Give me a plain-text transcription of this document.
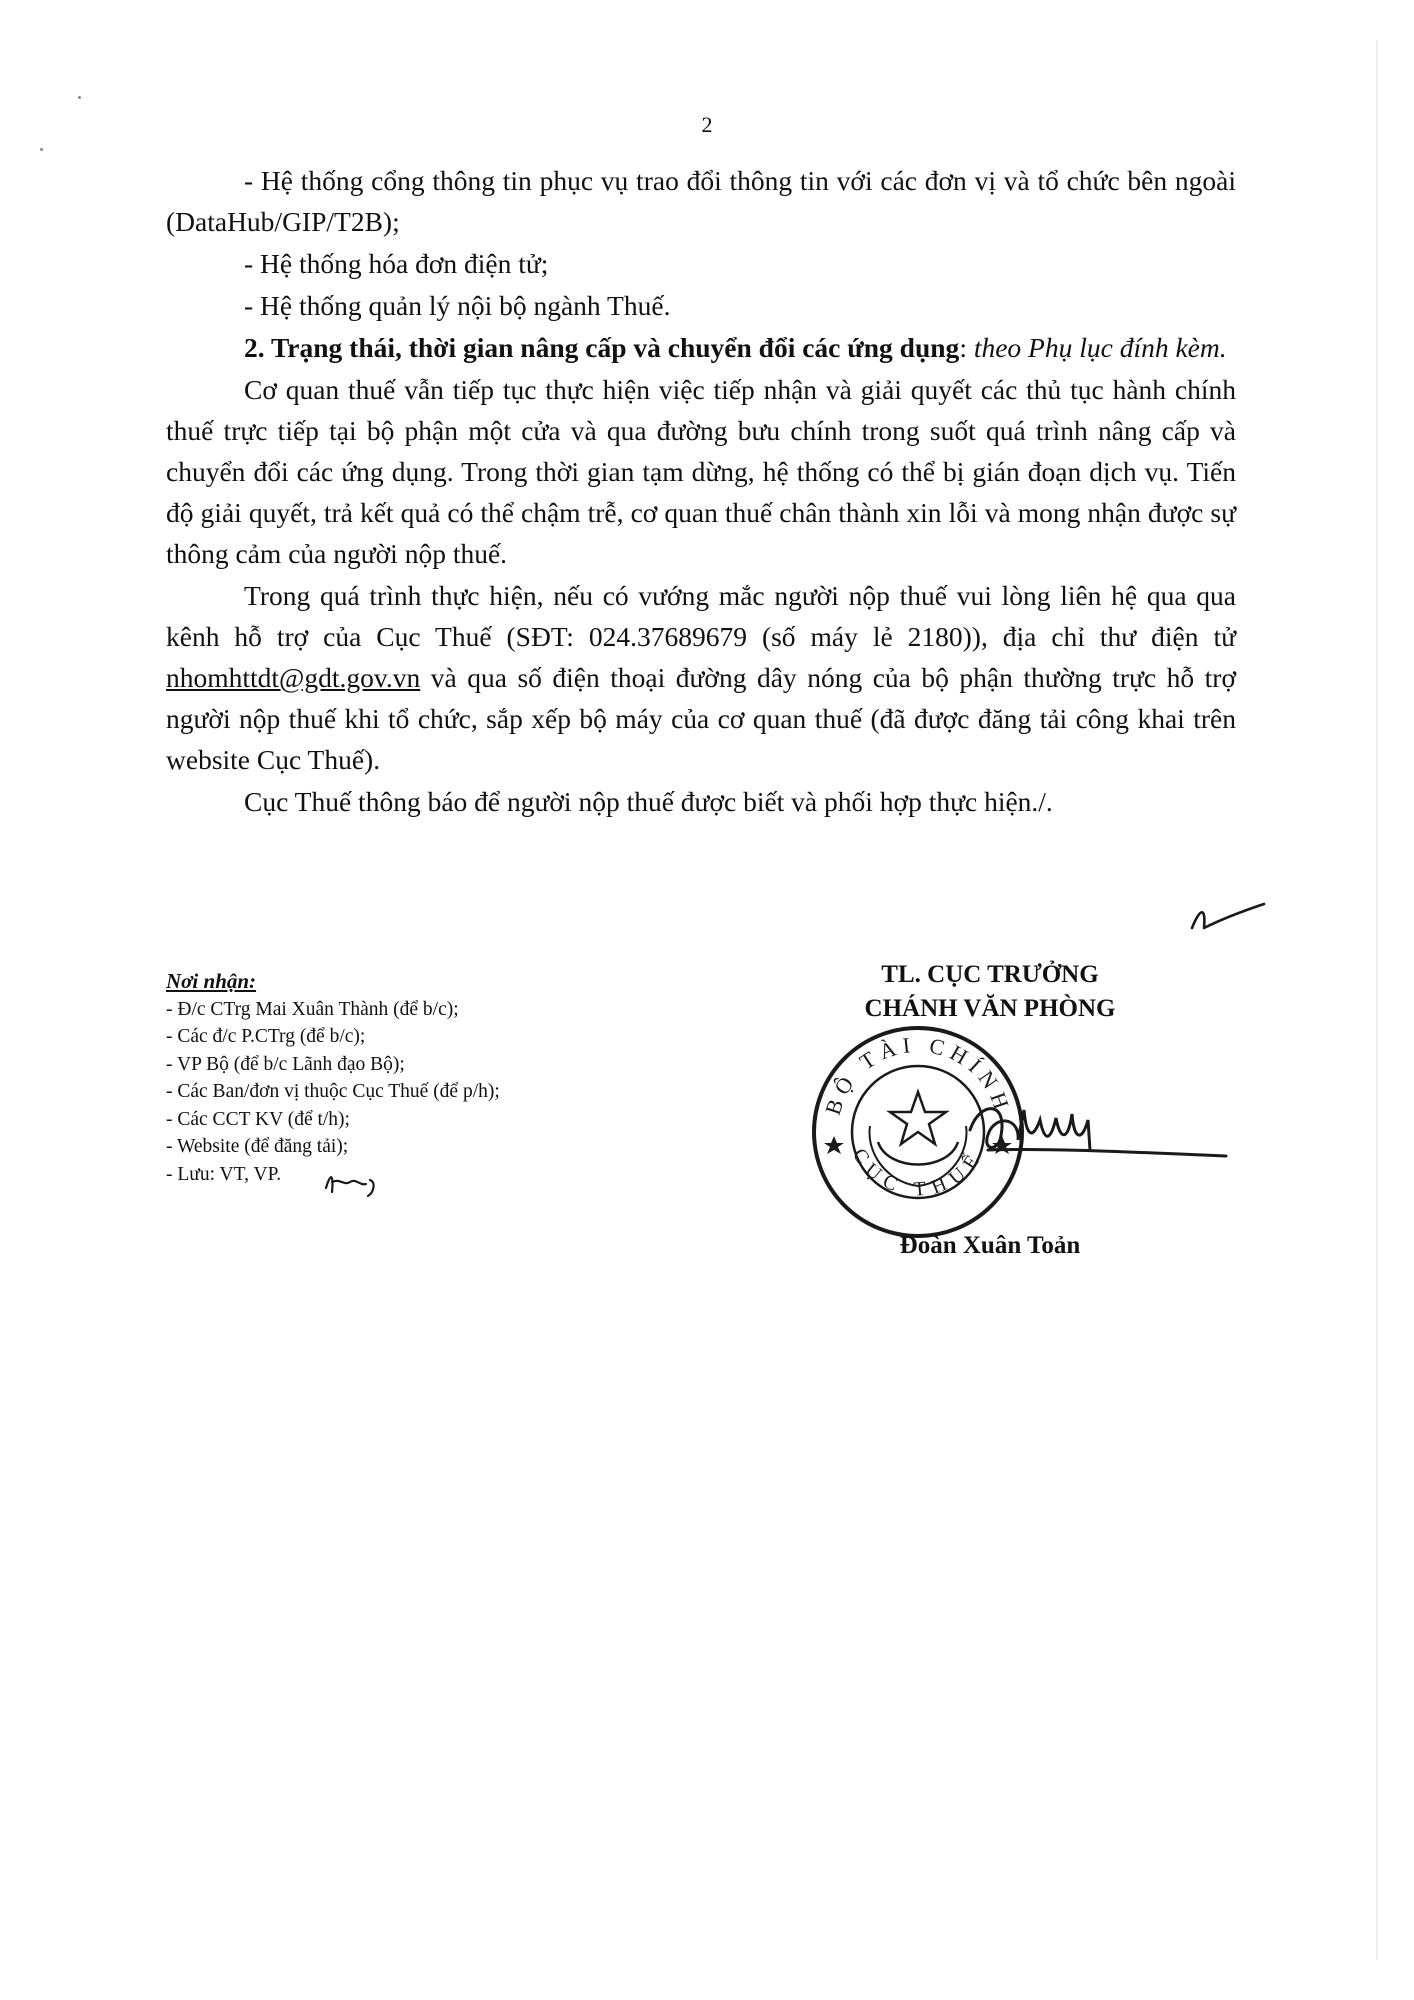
2

- Hệ thống cổng thông tin phục vụ trao đổi thông tin với các đơn vị và tổ chức bên ngoài (DataHub/GIP/T2B);

- Hệ thống hóa đơn điện tử;

- Hệ thống quản lý nội bộ ngành Thuế.

2. Trạng thái, thời gian nâng cấp và chuyển đổi các ứng dụng: theo Phụ lục đính kèm.

Cơ quan thuế vẫn tiếp tục thực hiện việc tiếp nhận và giải quyết các thủ tục hành chính thuế trực tiếp tại bộ phận một cửa và qua đường bưu chính trong suốt quá trình nâng cấp và chuyển đổi các ứng dụng. Trong thời gian tạm dừng, hệ thống có thể bị gián đoạn dịch vụ. Tiến độ giải quyết, trả kết quả có thể chậm trễ, cơ quan thuế chân thành xin lỗi và mong nhận được sự thông cảm của người nộp thuế.

Trong quá trình thực hiện, nếu có vướng mắc người nộp thuế vui lòng liên hệ qua qua kênh hỗ trợ của Cục Thuế (SĐT: 024.37689679 (số máy lẻ 2180)), địa chỉ thư điện tử nhomhttdt@gdt.gov.vn và qua số điện thoại đường dây nóng của bộ phận thường trực hỗ trợ người nộp thuế khi tổ chức, sắp xếp bộ máy của cơ quan thuế (đã được đăng tải công khai trên website Cục Thuế).

Cục Thuế thông báo để người nộp thuế được biết và phối hợp thực hiện./.

Nơi nhận:
- Đ/c CTrg Mai Xuân Thành (để b/c);
- Các đ/c P.CTrg (để b/c);
- VP Bộ (để b/c Lãnh đạo Bộ);
- Các Ban/đơn vị thuộc Cục Thuế (để p/h);
- Các CCT KV (để t/h);
- Website (để đăng tải);
- Lưu: VT, VP.
TL. CỤC TRƯỞNG
CHÁNH VĂN PHÒNG
BỘ TÀI CHÍNH
CỤC THUẾ
Đoàn Xuân Toản
